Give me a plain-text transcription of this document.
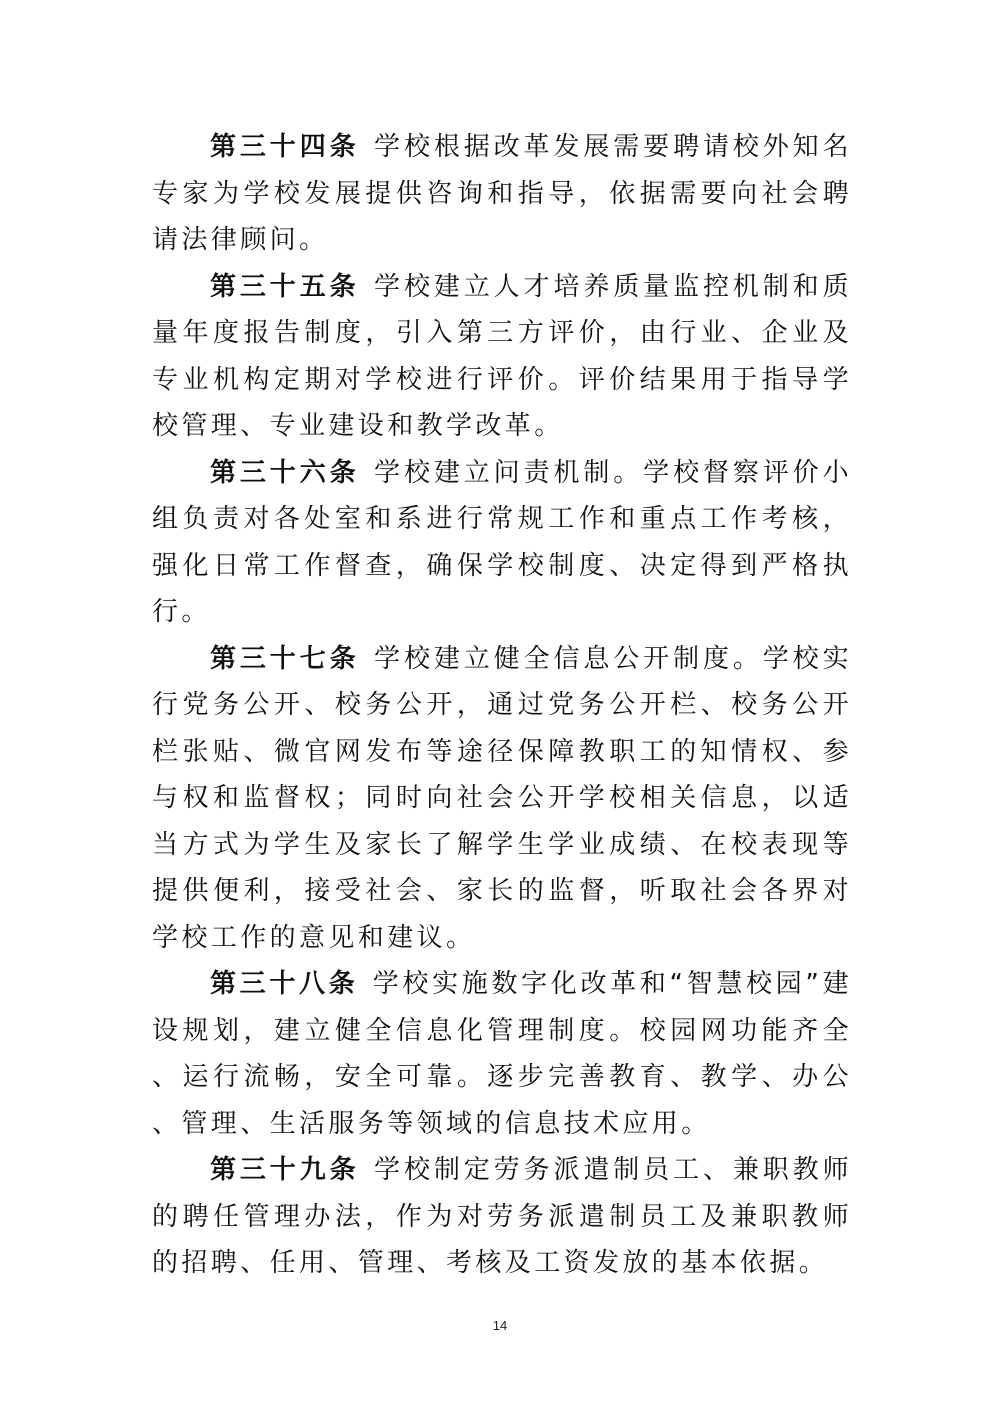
第三十四条 学校根据改革发展需要聘请校外知名专家为学校发展提供咨询和指导，依据需要向社会聘请法律顾问。

第三十五条 学校建立人才培养质量监控机制和质量年度报告制度，引入第三方评价，由行业、企业及专业机构定期对学校进行评价。评价结果用于指导学校管理、专业建设和教学改革。

第三十六条 学校建立问责机制。学校督察评价小组负责对各处室和系进行常规工作和重点工作考核，强化日常工作督查，确保学校制度、决定得到严格执行。

第三十七条 学校建立健全信息公开制度。学校实行党务公开、校务公开，通过党务公开栏、校务公开栏张贴、微官网发布等途径保障教职工的知情权、参与权和监督权；同时向社会公开学校相关信息，以适当方式为学生及家长了解学生学业成绩、在校表现等提供便利，接受社会、家长的监督，听取社会各界对学校工作的意见和建议。

第三十八条 学校实施数字化改革和“智慧校园”建设规划，建立健全信息化管理制度。校园网功能齐全、运行流畅，安全可靠。逐步完善教育、教学、办公、管理、生活服务等领域的信息技术应用。

第三十九条 学校制定劳务派遣制员工、兼职教师的聘任管理办法，作为对劳务派遣制员工及兼职教师的招聘、任用、管理、考核及工资发放的基本依据。

14
